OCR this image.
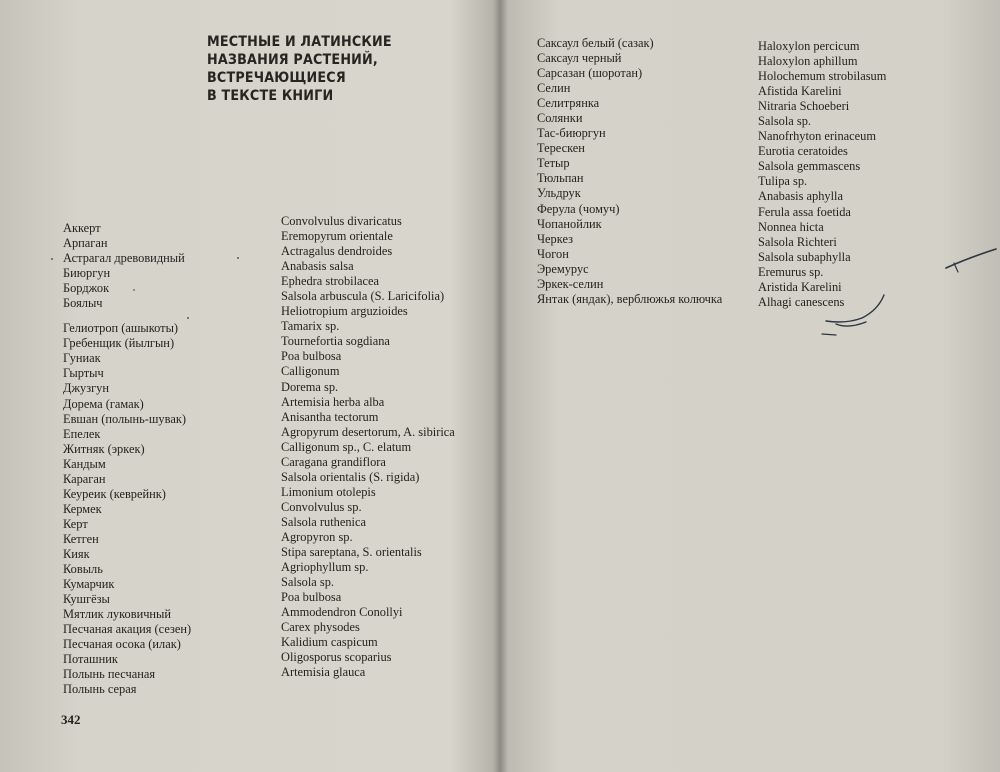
МЕСТНЫЕ И ЛАТИНСКИЕ
НАЗВАНИЯ РАСТЕНИЙ,
ВСТРЕЧАЮЩИЕСЯ
В ТЕКСТЕ КНИГИ
Аккерт
Арпаган
Астрагал древовидный
Биюргун
Борджок
Боялыч
Гелиотроп (ашыкоты)
Гребенщик (йылгын)
Гуниак
Гыртыч
Джузгун
Дорема (гамак)
Евшан (полынь-шувак)
Епелек
Житняк (эркек)
Кандым
Караган
Кеуреик (кеврейнк)
Кермек
Керт
Кетген
Кияк
Ковыль
Кумарчик
Кушгёзы
Мятлик луковичный
Песчаная акация (сезен)
Песчаная осока (илак)
Поташник
Полынь песчаная
Полынь серая
Convolvulus divaricatus
Eremopyrum orientale
Actragalus dendroides
Anabasis salsa
Ephedra strobilacea
Salsola arbuscula (S. Laricifolia)
Heliotropium arguzioides
Tamarix sp.
Tournefortia sogdiana
Poa bulbosa
Calligonum
Dorema sp.
Artemisia herba alba
Anisantha tectorum
Agropyrum desertorum, A. sibirica
Calligonum sp., C. elatum
Caragana grandiflora
Salsola orientalis (S. rigida)
Limonium otolepis
Convolvulus sp.
Salsola ruthenica
Agropyron sp.
Stipa sareptana, S. orientalis
Agriophyllum sp.
Salsola sp.
Poa bulbosa
Ammodendron Conollyi
Carex physodes
Kalidium caspicum
Oligosporus scoparius
Artemisia glauca
Саксаул белый (сазак)
Саксаул черный
Сарсазан (шоротан)
Селин
Селитрянка
Солянки
Тас-биюргун
Терескен
Тетыр
Тюльпан
Ульдрук
Ферула (чомуч)
Чопанойлик
Черкез
Чогон
Эремурус
Эркек-селин
Янтак (яндак), верблюжья колючка
Haloxylon percicum
Haloxylon aphillum
Holochemum strobilasum
Afistida Karelini
Nitraria Schoeberi
Salsola sp.
Nanofrhyton erinaceum
Eurotia ceratoides
Salsola gemmascens
Tulipa sp.
Anabasis aphylla
Ferula assa foetida
Nonnea hicta
Salsola Richteri
Salsola subaphylla
Eremurus sp.
Aristida Karelini
Alhagi canescens
342
